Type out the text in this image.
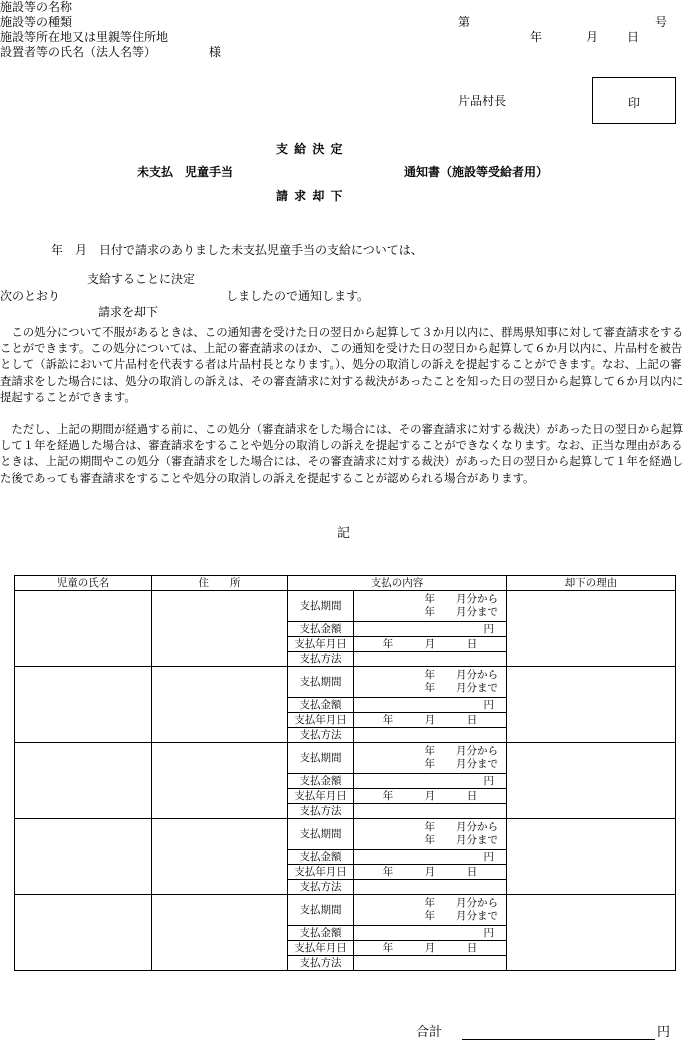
施設等の名称
施設等の種類
施設等所在地又は里親等住所地
設置者等の氏名（法人名等）	様
第	号
年	月 日
片品村長	印
支 給 決 定
未支払　児童手当	通知書（施設等受給者用）
請 求 却 下
年　月　日付で請求のありました未支払児童手当の支給については、
支給することに決定
次のとおり	しましたので通知します。
請求を却下

この処分について不服があるときは、この通知書を受けた日の翌日から起算して３か月以内に、群馬県知事に対して審査請求をすることができます。この処分については、上記の審査請求のほか、この通知を受けた日の翌日から起算して６か月以内に、片品村を被告として（訴訟において片品村を代表する者は片品村長となります。）、処分の取消しの訴えを提起することができます。なお、上記の審査請求をした場合には、処分の取消しの訴えは、その審査請求に対する裁決があったことを知った日の翌日から起算して６か月以内に提起することができます。

ただし、上記の期間が経過する前に、この処分（審査請求をした場合には、その審査請求に対する裁決）があった日の翌日から起算して１年を経過した場合は、審査請求をすることや処分の取消しの訴えを提起することができなくなります。なお、正当な理由があるときは、上記の期間やこの処分（審査請求をした場合には、その審査請求に対する裁決）があった日の翌日から起算して１年を経過した後であっても審査請求をすることや処分の取消しの訴えを提起することが認められる場合があります。

記
児童の氏名	住　　所	支払の内容		却下の理由
		支払期間	年　　月分から
年　　月分まで	

		支払金額	円	
		支払年月日	年　　　月　　　日	
		支払方法		
		支払期間	年　　月分から
年　　月分まで	

		支払金額	円	
		支払年月日	年　　　月　　　日	
		支払方法		
		支払期間	年　　月分から
年　　月分まで	

		支払金額	円	
		支払年月日	年　　　月　　　日	
		支払方法		
		支払期間	年　　月分から
年　　月分まで	

		支払金額	円	
		支払年月日	年　　　月　　　日	
		支払方法		
		支払期間	年　　月分から
年　　月分まで	

		支払金額	円	
		支払年月日	年　　　月　　　日	
		支払方法		
合計	円
